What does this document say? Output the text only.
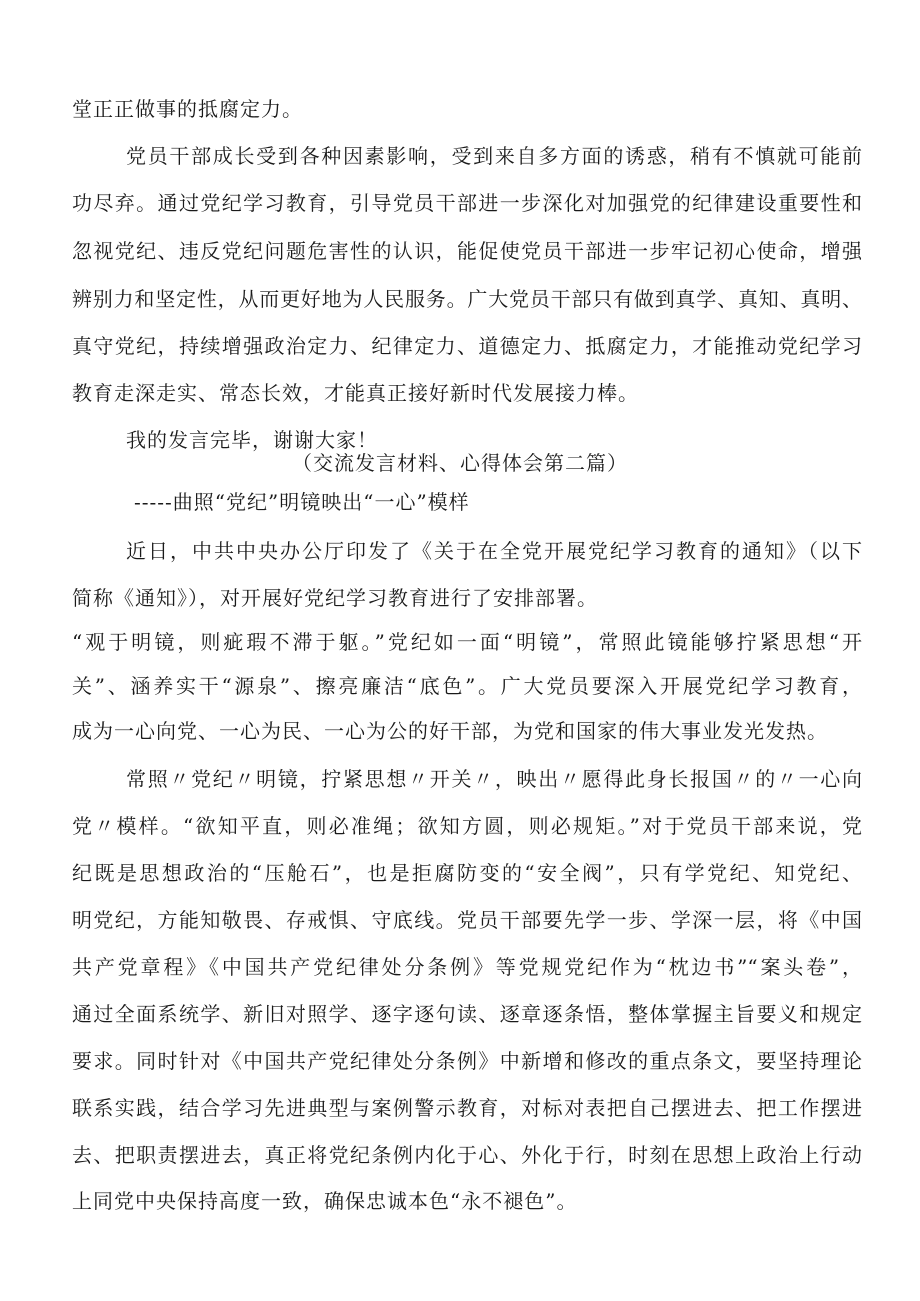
堂正正做事的抵腐定力。
党员干部成长受到各种因素影响，受到来自多方面的诱惑，稍有不慎就可能前
功尽弃。通过党纪学习教育，引导党员干部进一步深化对加强党的纪律建设重要性和
忽视党纪、违反党纪问题危害性的认识，能促使党员干部进一步牢记初心使命，增强
辨别力和坚定性，从而更好地为人民服务。广大党员干部只有做到真学、真知、真明、
真守党纪，持续增强政治定力、纪律定力、道德定力、抵腐定力，才能推动党纪学习
教育走深走实、常态长效，才能真正接好新时代发展接力棒。
我的发言完毕，谢谢大家！
（交流发言材料、心得体会第二篇）
-----曲照“党纪”明镜映出“一心”模样
近日，中共中央办公厅印发了《关于在全党开展党纪学习教育的通知》（以下
简称《通知》），对开展好党纪学习教育进行了安排部署。
“观于明镜，则疵瑕不滞于躯。”党纪如一面“明镜”，常照此镜能够拧紧思想“开
关”、涵养实干“源泉”、擦亮廉洁“底色”。广大党员要深入开展党纪学习教育，
成为一心向党、一心为民、一心为公的好干部，为党和国家的伟大事业发光发热。
常照〃党纪〃明镜，拧紧思想〃开关〃，映出〃愿得此身长报国〃的〃一心向
党〃模样。“欲知平直，则必准绳；欲知方圆，则必规矩。”对于党员干部来说，党
纪既是思想政治的“压舱石”，也是拒腐防变的“安全阀”，只有学党纪、知党纪、
明党纪，方能知敬畏、存戒惧、守底线。党员干部要先学一步、学深一层，将《中国
共产党章程》《中国共产党纪律处分条例》等党规党纪作为“枕边书”“案头卷”，
通过全面系统学、新旧对照学、逐字逐句读、逐章逐条悟，整体掌握主旨要义和规定
要求。同时针对《中国共产党纪律处分条例》中新增和修改的重点条文，要坚持理论
联系实践，结合学习先进典型与案例警示教育，对标对表把自己摆进去、把工作摆进
去、把职责摆进去，真正将党纪条例内化于心、外化于行，时刻在思想上政治上行动
上同党中央保持高度一致，确保忠诚本色“永不褪色”。
